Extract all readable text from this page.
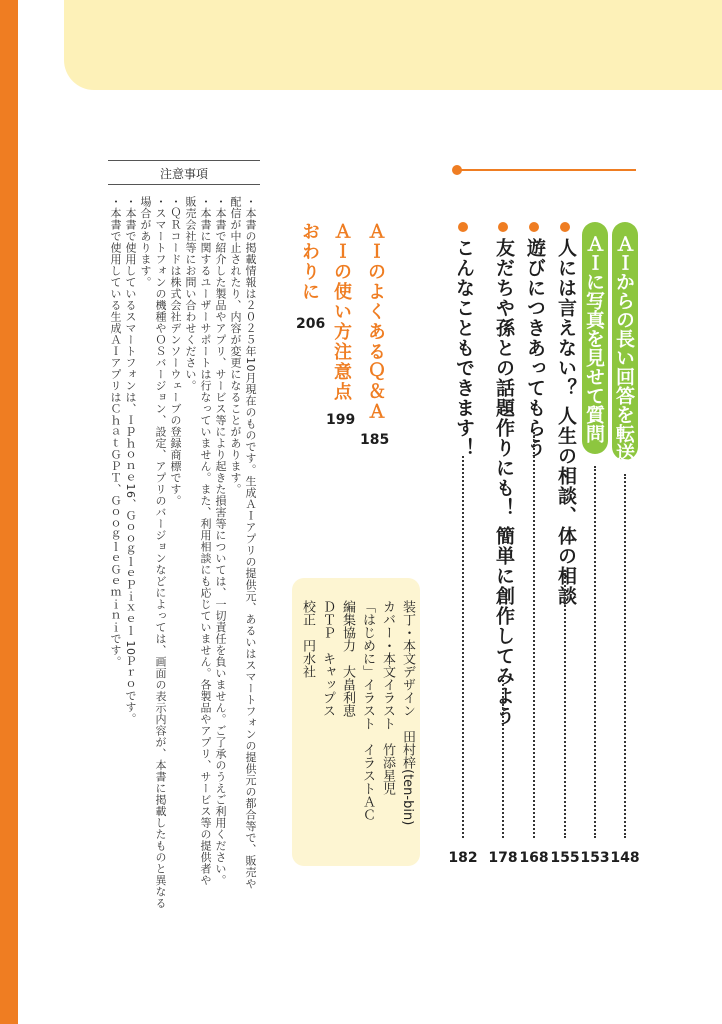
ＡＩからの長い回答を転送
148
ＡＩに写真を見せて質問
153
人には言えない？ 人生の相談、体の相談
155
遊びにつきあってもらう
168
友だちや孫との話題作りにも！ 簡単に創作してみよう
178
こんなこともできます！
182
ＡＩのよくあるＱ＆Ａ
185
ＡＩの使い方注意点
199
おわりに
206
装丁・本文デザイン　田村梓(ten-bin)
カバー・本文イラスト　竹添星児
「はじめに」イラスト　イラストＡＣ
編集協力　大畠利恵
ＤＴＰ　キャップス
校正　円水社
注意事項
・本書の掲載情報は２０２５年10月現在のものです。生成ＡＩアプリの提供元、あるいはスマートフォンの提供元の都合等で、販売や
配信が中止されたり、内容が変更になることがあります。
・本書で紹介した製品やアプリ、サービス等により起きた損害等については、一切責任を負いません。ご了承のうえご利用ください。
・本書に関するユーザーサポートは行なっていません。また、利用相談にも応じていません。各製品やアプリ、サービス等の提供者や
販売会社等にお問い合わせください。
・ＱＲコードは株式会社デンソーウェーブの登録商標です。
・スマートフォンの機種やＯＳバージョン、設定、アプリのバージョンなどによっては、画面の表示内容が、本書に掲載したものと異なる
場合があります。
・本書で使用しているスマートフォンは、Ｉｐｈｏｎｅ16、ＧｏｏｇｌｅＰｉｘｅｌ 10Ｐｒｏです。
・本書で使用している生成ＡＩアプリはＣｈａｔＧＰＴ、ＧｏｏｇｌｅＧｅｍｉｎｉです。
